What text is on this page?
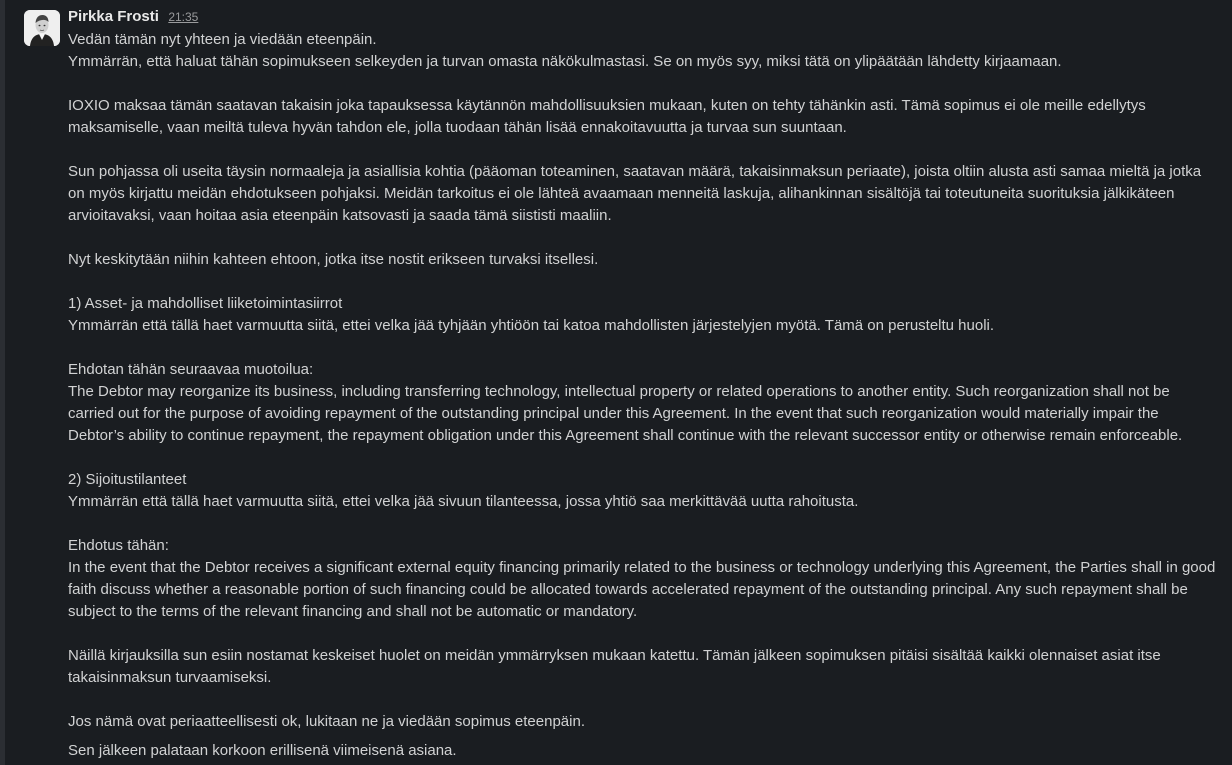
Pirkka Frosti 21:35

Vedän tämän nyt yhteen ja viedään eteenpäin.

Ymmärrän, että haluat tähän sopimukseen selkeyden ja turvan omasta näkökulmastasi. Se on myös syy, miksi tätä on ylipäätään lähdetty kirjaamaan.

IOXIO maksaa tämän saatavan takaisin joka tapauksessa käytännön mahdollisuuksien mukaan, kuten on tehty tähänkin asti. Tämä sopimus ei ole meille edellytys maksamiselle, vaan meiltä tuleva hyvän tahdon ele, jolla tuodaan tähän lisää ennakoitavuutta ja turvaa sun suuntaan.

Sun pohjassa oli useita täysin normaaleja ja asiallisia kohtia (pääoman toteaminen, saatavan määrä, takaisinmaksun periaate), joista oltiin alusta asti samaa mieltä ja jotka on myös kirjattu meidän ehdotukseen pohjaksi. Meidän tarkoitus ei ole lähteä avaamaan menneitä laskuja, alihankinnan sisältöjä tai toteutuneita suorituksia jälkikäteen arvioitavaksi, vaan hoitaa asia eteenpäin katsovasti ja saada tämä siististi maaliin.

Nyt keskitytään niihin kahteen ehtoon, jotka itse nostit erikseen turvaksi itsellesi.

1) Asset- ja mahdolliset liiketoimintasiirrot

Ymmärrän että tällä haet varmuutta siitä, ettei velka jää tyhjään yhtiöön tai katoa mahdollisten järjestelyjen myötä. Tämä on perusteltu huoli.

Ehdotan tähän seuraavaa muotoilua:

The Debtor may reorganize its business, including transferring technology, intellectual property or related operations to another entity. Such reorganization shall not be carried out for the purpose of avoiding repayment of the outstanding principal under this Agreement. In the event that such reorganization would materially impair the Debtor’s ability to continue repayment, the repayment obligation under this Agreement shall continue with the relevant successor entity or otherwise remain enforceable.

2) Sijoitustilanteet

Ymmärrän että tällä haet varmuutta siitä, ettei velka jää sivuun tilanteessa, jossa yhtiö saa merkittävää uutta rahoitusta.

Ehdotus tähän:

In the event that the Debtor receives a significant external equity financing primarily related to the business or technology underlying this Agreement, the Parties shall in good faith discuss whether a reasonable portion of such financing could be allocated towards accelerated repayment of the outstanding principal. Any such repayment shall be subject to the terms of the relevant financing and shall not be automatic or mandatory.

Näillä kirjauksilla sun esiin nostamat keskeiset huolet on meidän ymmärryksen mukaan katettu. Tämän jälkeen sopimuksen pitäisi sisältää kaikki olennaiset asiat itse takaisinmaksun turvaamiseksi.

Jos nämä ovat periaatteellisesti ok, lukitaan ne ja viedään sopimus eteenpäin.

Sen jälkeen palataan korkoon erillisenä viimeisenä asiana.
